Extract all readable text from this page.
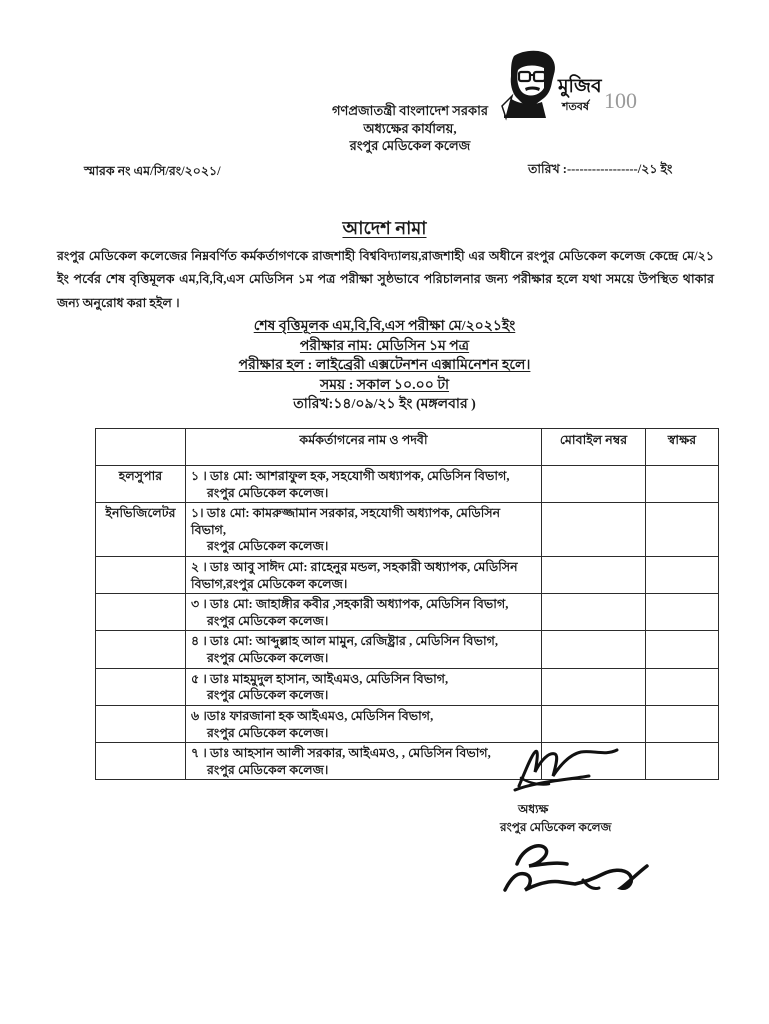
মুজিব
শতবর্ষ 100
গণপ্রজাতন্ত্রী বাংলাদেশ সরকার
অধ্যক্ষের কার্যালয়,
রংপুর মেডিকেল কলেজ
স্মারক নং এম/সি/রং/২০২১/	তারিখ :-----------------/২১ ইং
আদেশ নামা
রংপুর মেডিকেল কলেজের নিম্নবর্ণিত কর্মকর্তাগণকে রাজশাহী বিশ্ববিদ্যালয়,রাজশাহী এর অধীনে রংপুর মেডিকেল কলেজ কেন্দ্রে মে/২১ ইং পর্বের শেষ বৃত্তিমূলক এম,বি,বি,এস মেডিসিন ১ম পত্র পরীক্ষা সুষ্ঠভাবে পরিচালনার জন্য পরীক্ষার হলে যথা সময়ে উপস্থিত থাকার জন্য অনুরোধ করা হইল ।
শেষ বৃত্তিমূলক এম,বি,বি,এস পরীক্ষা মে/২০২১ইং
পরীক্ষার নাম: মেডিসিন ১ম পত্র
পরীক্ষার হল : লাইব্রেরী এক্সটেনশন এক্সামিনেশন হলে।
সময় : সকাল ১০.০০ টা
তারিখ:১৪/০৯/২১ ইং (মঙ্গলবার )
	কর্মকর্তাগনের নাম ও পদবী	মোবাইল নম্বর	স্বাক্ষর
হলসুপার	১ । ডাঃ মো: আশরাফুল হক, সহযোগী অধ্যাপক, মেডিসিন বিভাগ,
রংপুর মেডিকেল কলেজ।		

ইনভিজিলেটর	১। ডাঃ মো: কামরুজ্জামান সরকার, সহযোগী অধ্যাপক, মেডিসিন বিভাগ,
রংপুর মেডিকেল কলেজ।		

	২ । ডাঃ আবু সাঈদ মো: রাহেনুর মন্ডল, সহকারী অধ্যাপক, মেডিসিন
বিভাগ,রংপুর মেডিকেল কলেজ।		

	৩ । ডাঃ মো: জাহাঙ্গীর কবীর ,সহকারী অধ্যাপক, মেডিসিন বিভাগ,
রংপুর মেডিকেল কলেজ।		

	৪ । ডাঃ মো: আব্দুল্লাহ আল মামুন, রেজিষ্ট্রার , মেডিসিন বিভাগ,
রংপুর মেডিকেল কলেজ।		

	৫ । ডাঃ মাহমুদুল হাসান, আইএমও, মেডিসিন বিভাগ,
রংপুর মেডিকেল কলেজ।		

	৬ ।ডাঃ ফারজানা হক আইএমও, মেডিসিন বিভাগ,
রংপুর মেডিকেল কলেজ।		

	৭ । ডাঃ আহসান আলী সরকার, আইএমও, , মেডিসিন বিভাগ,
রংপুর মেডিকেল কলেজ।		

অধ্যক্ষ
রংপুর মেডিকেল কলেজ
